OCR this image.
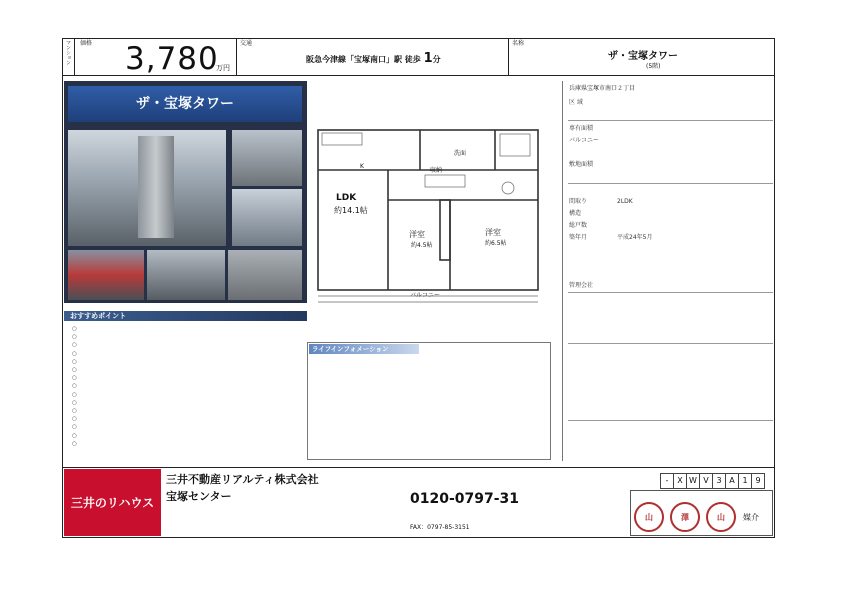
マンション 価格 3,780
万円
交通
阪急今津線「宝塚南口」駅 徒歩 1分
名称
ザ・宝塚タワー
(5階)
ザ・宝塚タワー
LDK
約14.1帖
洋室
約4.5帖
洋室
約6.5帖
K
洗面
収納
バルコニー
おすすめポイント
○
○
○
○
○
○
○
○
○
○
○
○
○
○
○
ライフインフォメーション

兵庫県宝塚市南口２丁目
区 域
専有面積
バルコニー
敷地面積
間取り	2LDK
構造
総戸数
築年月	平成24年5月
管理会社
三井のリハウス
三井不動産リアルティ株式会社
宝塚センター	0120-0797-31
FAX：0797-85-3151
-	X W V 3 A 1 9
山	澤	山	媒介
